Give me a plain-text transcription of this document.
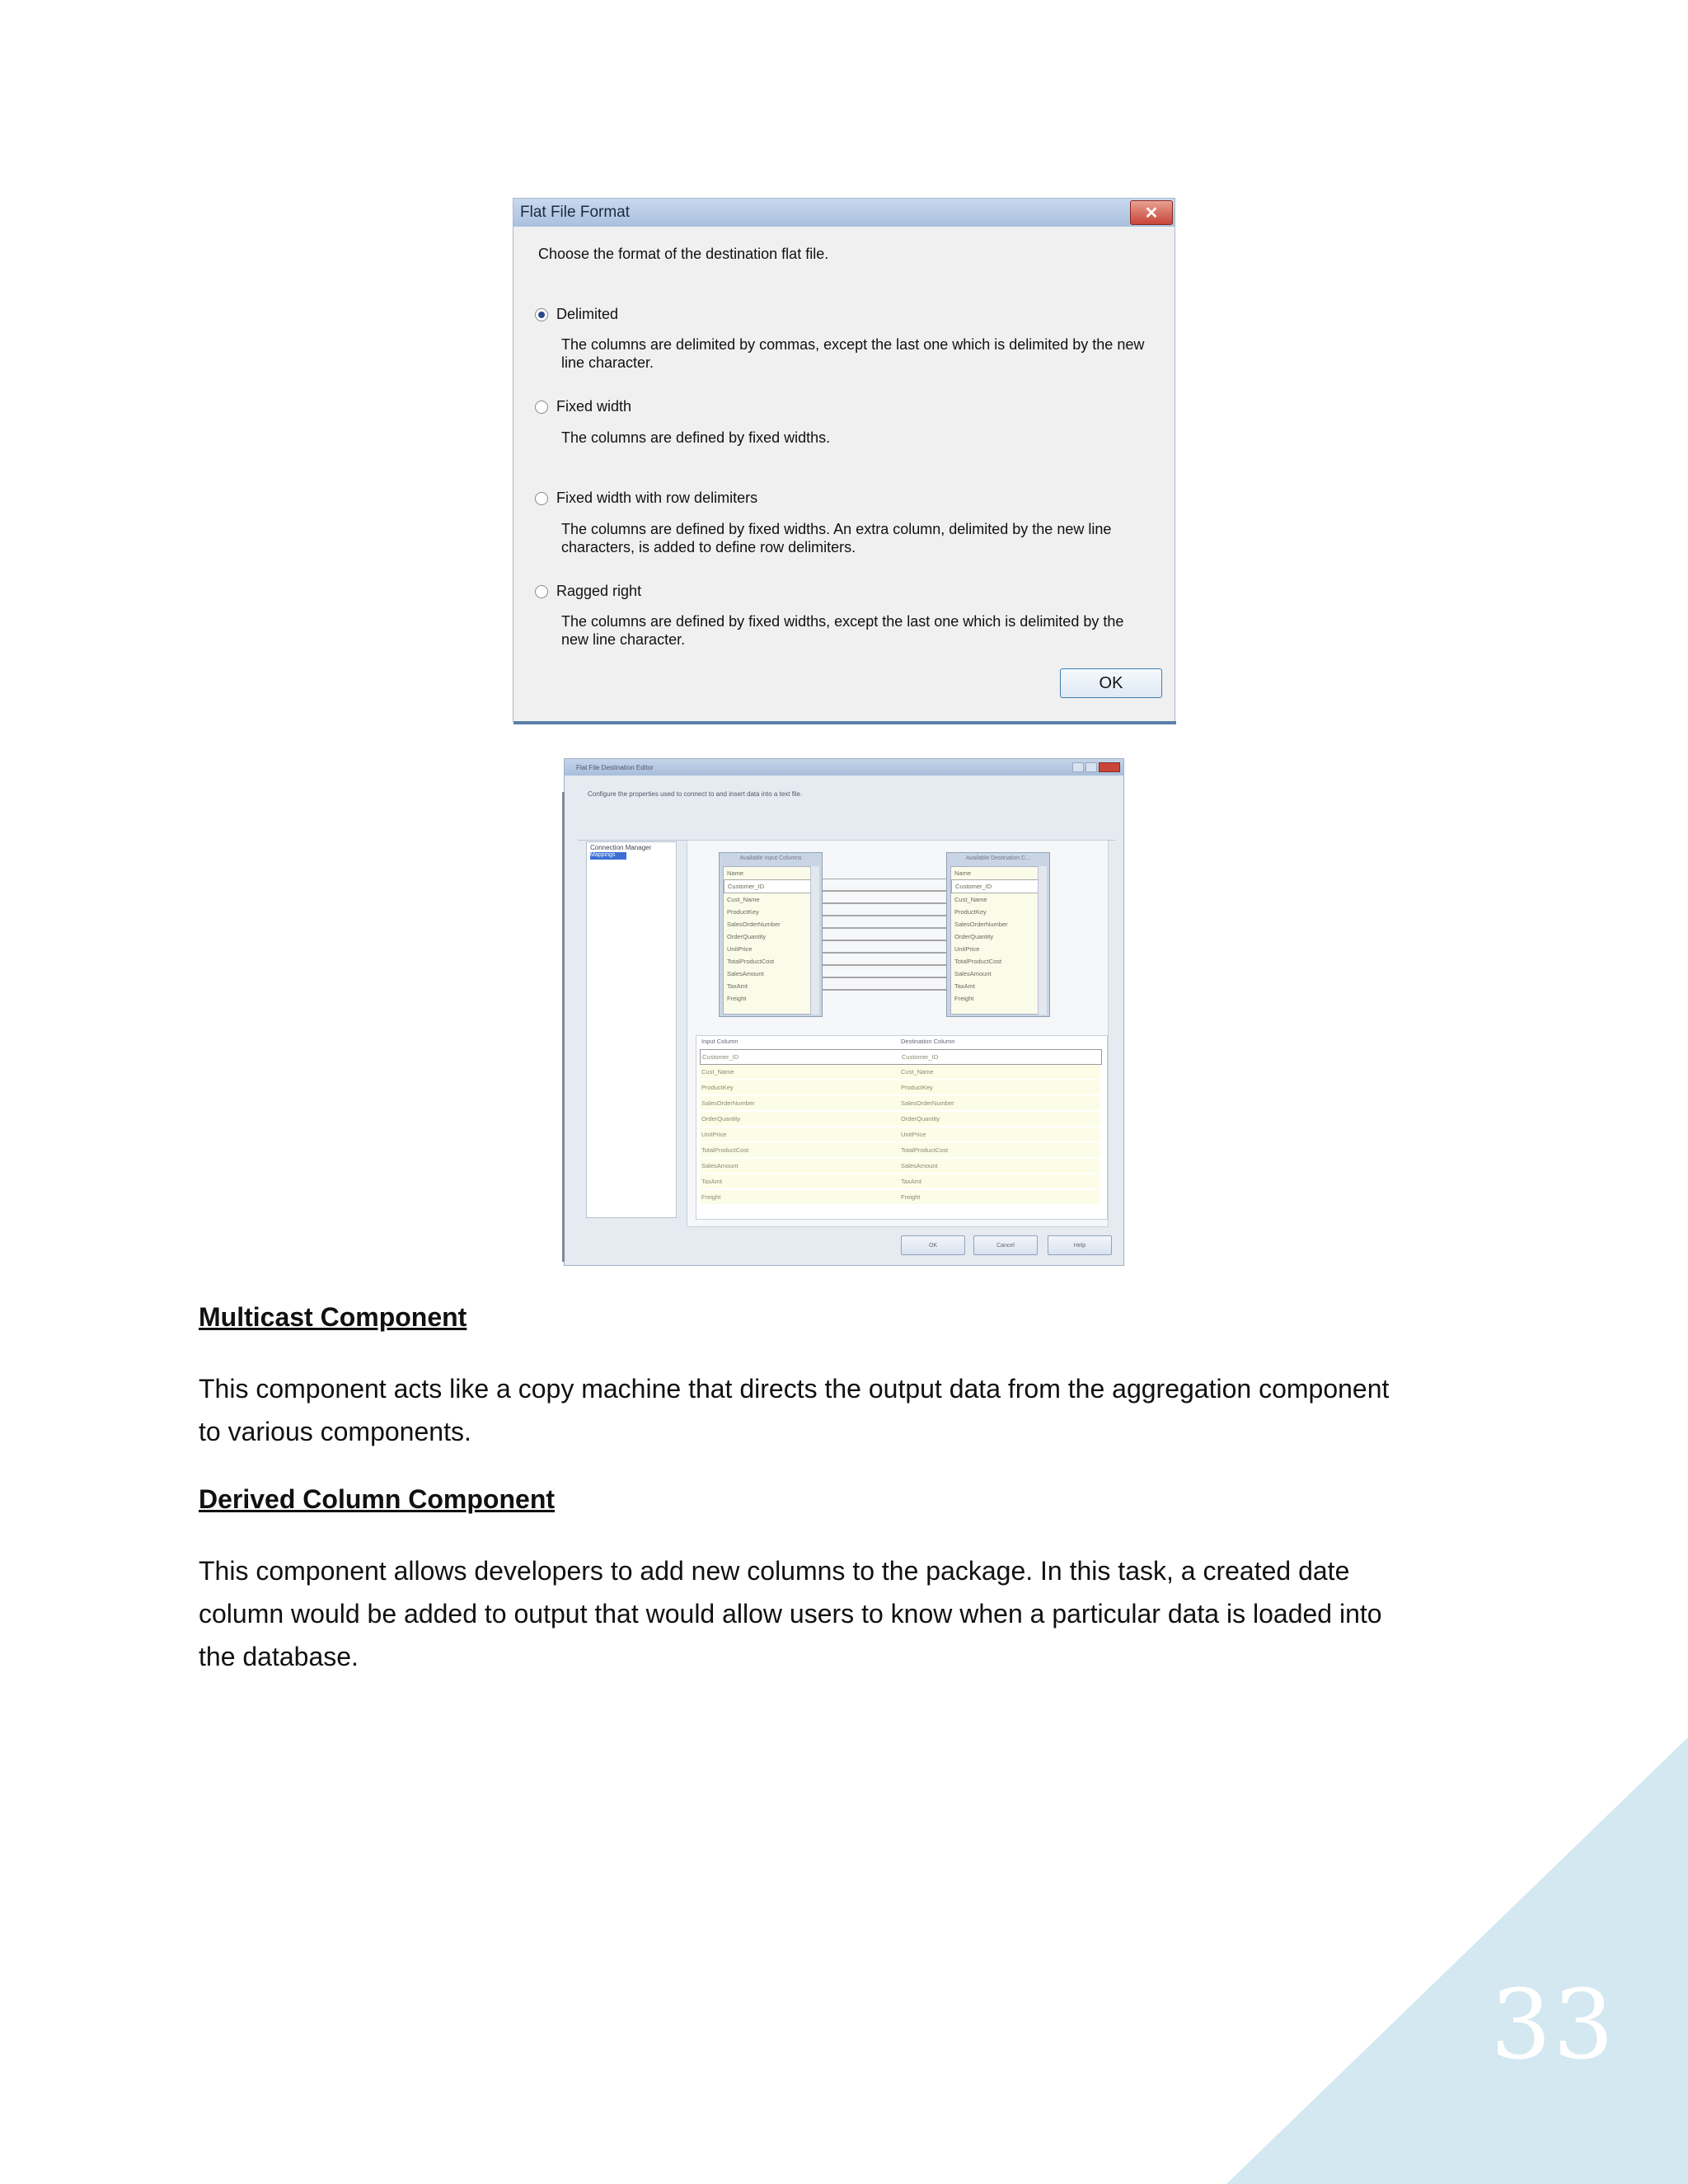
33
Flat File Format	✕
Choose the format of the destination flat file.
Delimited
The columns are delimited by commas, except the last one which is delimited by the new line character.
Fixed width
The columns are defined by fixed widths.
Fixed width with row delimiters
The columns are defined by fixed widths. An extra column, delimited by the new line characters, is added to define row delimiters.
Ragged right
The columns are defined by fixed widths, except the last one which is delimited by the new line character.
OK
Flat File Destination Editor
Configure the properties used to connect to and insert data into a text file.
Connection Manager
Mappings
Available Input Columns
Name
Customer_ID
Cust_Name
ProductKey
SalesOrderNumber
OrderQuantity
UnitPrice
TotalProductCost
SalesAmount
TaxAmt
Freight
Available Destination C...
Name
Customer_ID
Cust_Name
ProductKey
SalesOrderNumber
OrderQuantity
UnitPrice
TotalProductCost
SalesAmount
TaxAmt
Freight
Input Column	Destination Column
Customer_ID	Customer_ID
Cust_Name	Cust_Name
ProductKey	ProductKey
SalesOrderNumber	SalesOrderNumber
OrderQuantity	OrderQuantity
UnitPrice	UnitPrice
TotalProductCost	TotalProductCost
SalesAmount	SalesAmount
TaxAmt	TaxAmt
Freight	Freight
OK	Cancel	Help
Multicast Component
This component acts like a copy machine that directs the output data from the aggregation component
to various components.
Derived Column Component
This component allows developers to add new columns to the package. In this task, a created date
column would be added to output that would allow users to know when a particular data is loaded into
the database.
